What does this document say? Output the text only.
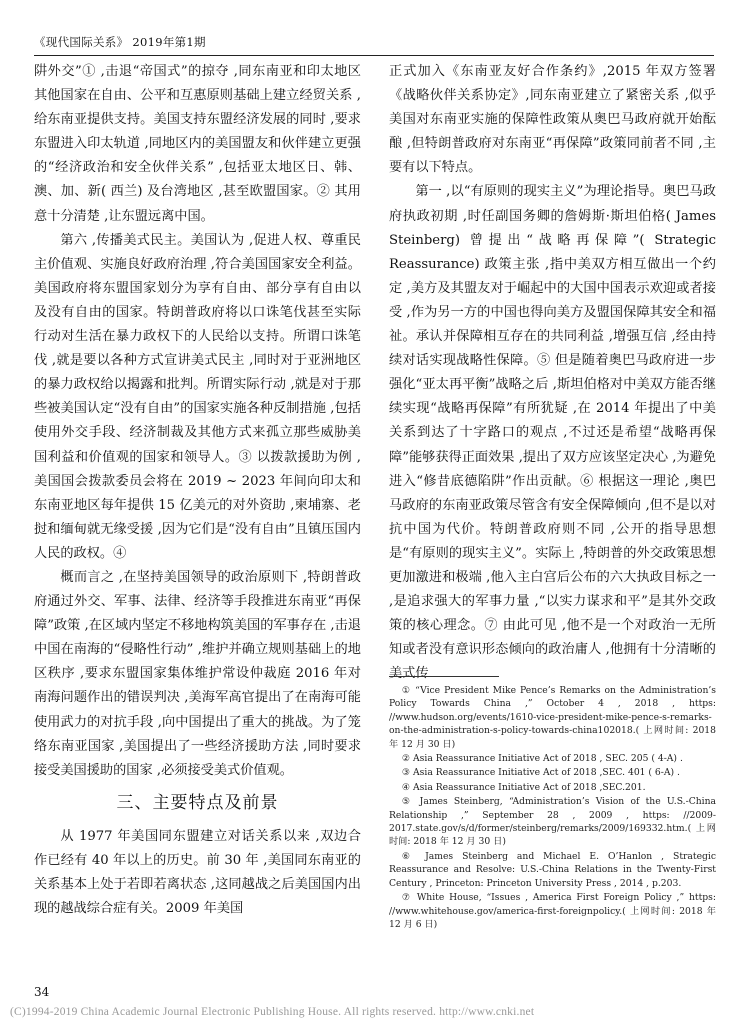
《现代国际关系》 2019年第1期

阱外交”① ,击退“帝国式”的掠夺 ,同东南亚和印太地区其他国家在自由、公平和互惠原则基础上建立经贸关系 ,给东南亚提供支持。美国支持东盟经济发展的同时 ,要求东盟进入印太轨道 ,同地区内的美国盟友和伙伴建立更强的“经济政治和安全伙伴关系” ,包括亚太地区日、韩、澳、加、新( 西兰) 及台湾地区 ,甚至欧盟国家。② 其用意十分清楚 ,让东盟远离中国。

第六 ,传播美式民主。美国认为 ,促进人权、尊重民主价值观、实施良好政府治理 ,符合美国国家安全利益。美国政府将东盟国家划分为享有自由、部分享有自由以及没有自由的国家。特朗普政府将以口诛笔伐甚至实际行动对生活在暴力政权下的人民给以支持。所谓口诛笔伐 ,就是要以各种方式宣讲美式民主 ,同时对于亚洲地区的暴力政权给以揭露和批判。所谓实际行动 ,就是对于那些被美国认定“没有自由”的国家实施各种反制措施 ,包括使用外交手段、经济制裁及其他方式来孤立那些威胁美国利益和价值观的国家和领导人。③ 以拨款援助为例 ,美国国会拨款委员会将在 2019 ~ 2023 年间向印太和东南亚地区每年提供 15 亿美元的对外资助 ,柬埔寨、老挝和缅甸就无缘受援 ,因为它们是“没有自由”且镇压国内人民的政权。④

概而言之 ,在坚持美国领导的政治原则下 ,特朗普政府通过外交、军事、法律、经济等手段推进东南亚“再保障”政策 ,在区域内坚定不移地构筑美国的军事存在 ,击退中国在南海的“侵略性行动” ,维护并确立规则基础上的地区秩序 ,要求东盟国家集体维护常设仲裁庭 2016 年对南海问题作出的错误判决 ,美海军高官提出了在南海可能使用武力的对抗手段 ,向中国提出了重大的挑战。为了笼络东南亚国家 ,美国提出了一些经济援助方法 ,同时要求接受美国援助的国家 ,必须接受美式价值观。

三、主要特点及前景

从 1977 年美国同东盟建立对话关系以来 ,双边合作已经有 40 年以上的历史。前 30 年 ,美国同东南亚的关系基本上处于若即若离状态 ,这同越战之后美国国内出现的越战综合症有关。2009 年美国

正式加入《东南亚友好合作条约》,2015 年双方签署《战略伙伴关系协定》,同东南亚建立了紧密关系 ,似乎美国对东南亚实施的保障性政策从奥巴马政府就开始酝酿 ,但特朗普政府对东南亚“再保障”政策同前者不同 ,主要有以下特点。

第一 ,以“有原则的现实主义”为理论指导。奥巴马政府执政初期 ,时任副国务卿的詹姆斯·斯坦伯格( James Steinberg) 曾提出“战略再保障”( Strategic Reassurance) 政策主张 ,指中美双方相互做出一个约定 ,美方及其盟友对于崛起中的大国中国表示欢迎或者接受 ,作为另一方的中国也得向美方及盟国保障其安全和福祉。承认并保障相互存在的共同利益 ,增强互信 ,经由持续对话实现战略性保障。⑤ 但是随着奥巴马政府进一步强化“亚太再平衡”战略之后 ,斯坦伯格对中美双方能否继续实现“战略再保障”有所犹疑 ,在 2014 年提出了中美关系到达了十字路口的观点 ,不过还是希望“战略再保障”能够获得正面效果 ,提出了双方应该坚定决心 ,为避免进入“修昔底德陷阱”作出贡献。⑥ 根据这一理论 ,奥巴马政府的东南亚政策尽管含有安全保障倾向 ,但不是以对抗中国为代价。特朗普政府则不同 ,公开的指导思想是“有原则的现实主义”。实际上 ,特朗普的外交政策思想更加激进和极端 ,他入主白宫后公布的六大执政目标之一 ,是追求强大的军事力量 ,“以实力谋求和平”是其外交政策的核心理念。⑦ 由此可见 ,他不是一个对政治一无所知或者没有意识形态倾向的政治庸人 ,他拥有十分清晰的美式传

① “Vice President Mike Pence’s Remarks on the Administration’s Policy Towards China ,” October 4 , 2018 , https: //www.hudson.org/events/1610-vice-president-mike-pence-s-remarks-on-the-administration-s-policy-towards-china102018.( 上网时间: 2018 年 12 月 30 日)

② Asia Reassurance Initiative Act of 2018 , SEC. 205 ( 4-A) .

③ Asia Reassurance Initiative Act of 2018 ,SEC. 401 ( 6-A) .

④ Asia Reassurance Initiative Act of 2018 ,SEC.201.

⑤ James Steinberg, “Administration’s Vision of the U.S.-China Relationship ,” September 28 , 2009 , https: //2009-2017.state.gov/s/d/former/steinberg/remarks/2009/169332.htm.( 上网时间: 2018 年 12 月 30 日)

⑥ James Steinberg and Michael E. O’Hanlon , Strategic Reassurance and Resolve: U.S.-China Relations in the Twenty-First Century , Princeton: Princeton University Press , 2014 , p.203.

⑦ White House, “Issues , America First Foreign Policy ,” https: //www.whitehouse.gov/america-first-foreignpolicy.( 上网时间: 2018 年 12 月 6 日)

34
(C)1994-2019 China Academic Journal Electronic Publishing House. All rights reserved. http://www.cnki.net
